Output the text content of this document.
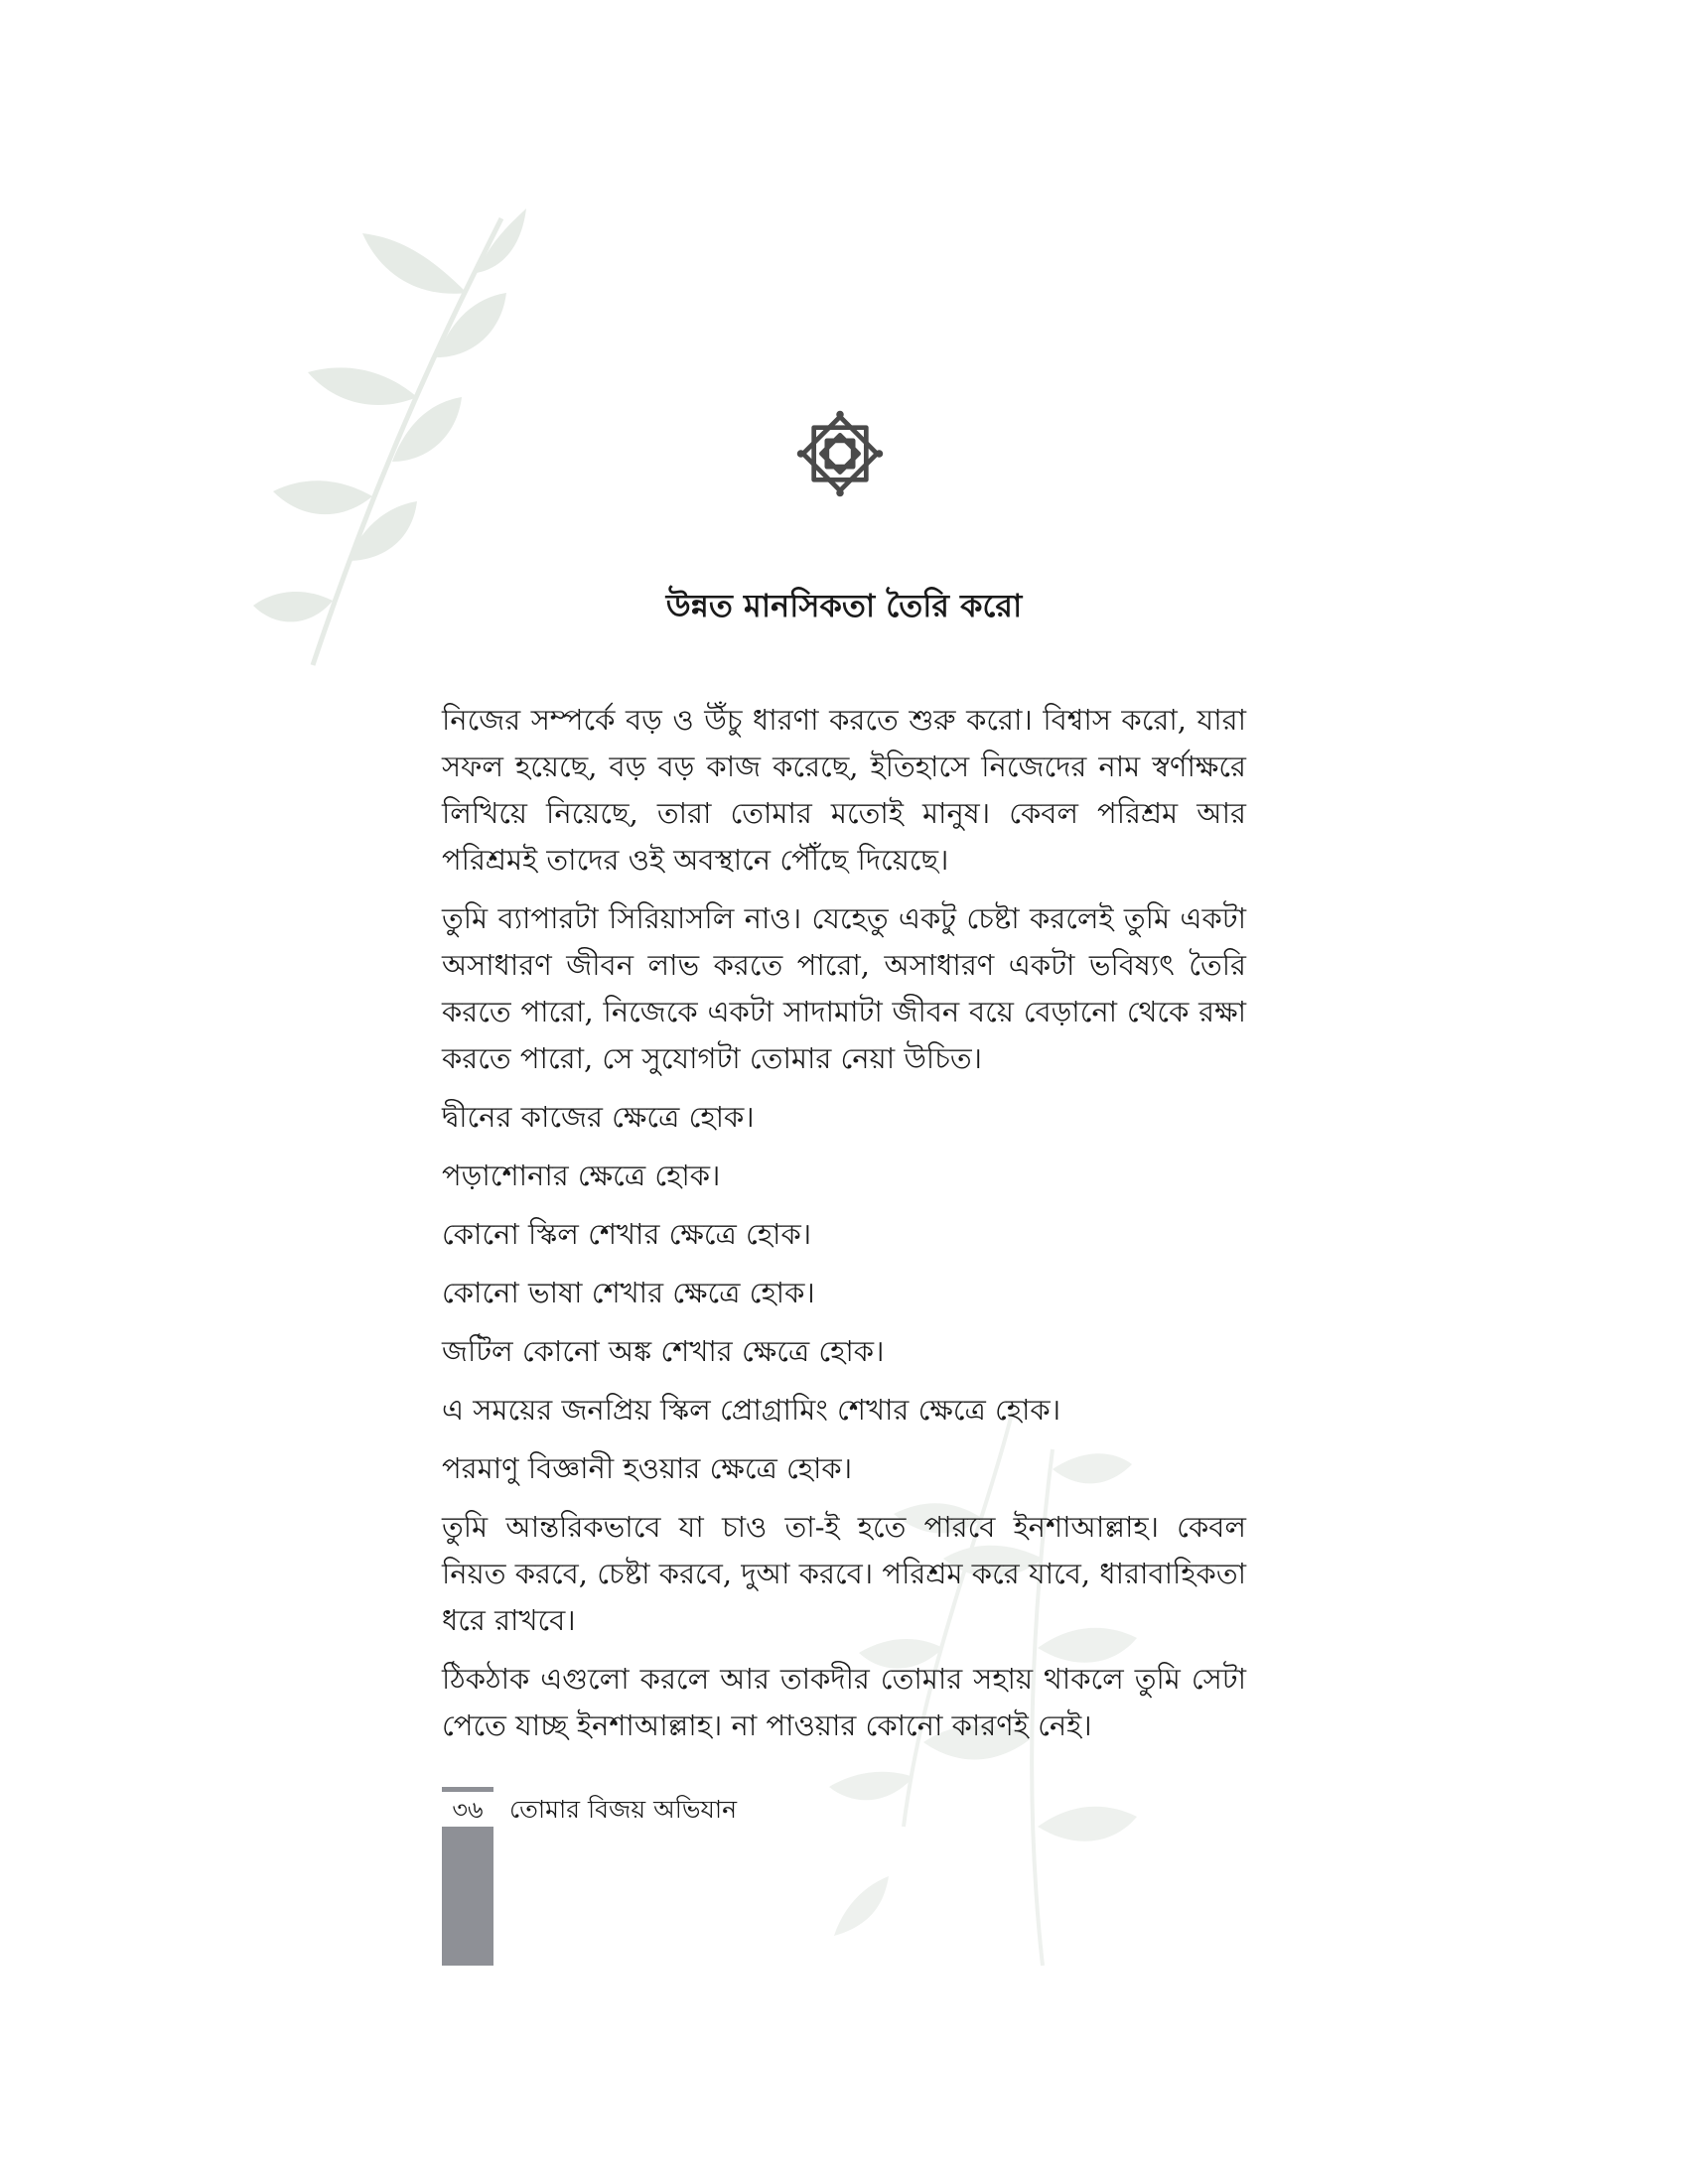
উন্নত মানসিকতা তৈরি করো

নিজের সম্পর্কে বড় ও উঁচু ধারণা করতে শুরু করো। বিশ্বাস করো, যারা সফল হয়েছে, বড় বড় কাজ করেছে, ইতিহাসে নিজেদের নাম স্বর্ণাক্ষরে লিখিয়ে নিয়েছে, তারা তোমার মতোই মানুষ। কেবল পরিশ্রম আর পরিশ্রমই তাদের ওই অবস্থানে পৌঁছে দিয়েছে।

তুমি ব্যাপারটা সিরিয়াসলি নাও। যেহেতু একটু চেষ্টা করলেই তুমি একটা অসাধারণ জীবন লাভ করতে পারো, অসাধারণ একটা ভবিষ্যৎ তৈরি করতে পারো, নিজেকে একটা সাদামাটা জীবন বয়ে বেড়ানো থেকে রক্ষা করতে পারো, সে সুযোগটা তোমার নেয়া উচিত।

দ্বীনের কাজের ক্ষেত্রে হোক।

পড়াশোনার ক্ষেত্রে হোক।

কোনো স্কিল শেখার ক্ষেত্রে হোক।

কোনো ভাষা শেখার ক্ষেত্রে হোক।

জটিল কোনো অঙ্ক শেখার ক্ষেত্রে হোক।

এ সময়ের জনপ্রিয় স্কিল প্রোগ্রামিং শেখার ক্ষেত্রে হোক।

পরমাণু বিজ্ঞানী হওয়ার ক্ষেত্রে হোক।

তুমি আন্তরিকভাবে যা চাও তা-ই হতে পারবে ইনশাআল্লাহ। কেবল নিয়ত করবে, চেষ্টা করবে, দুআ করবে। পরিশ্রম করে যাবে, ধারাবাহিকতা ধরে রাখবে।

ঠিকঠাক এগুলো করলে আর তাকদীর তোমার সহায় থাকলে তুমি সেটা পেতে যাচ্ছ ইনশাআল্লাহ। না পাওয়ার কোনো কারণই নেই।

৩৬	তোমার বিজয় অভিযান
